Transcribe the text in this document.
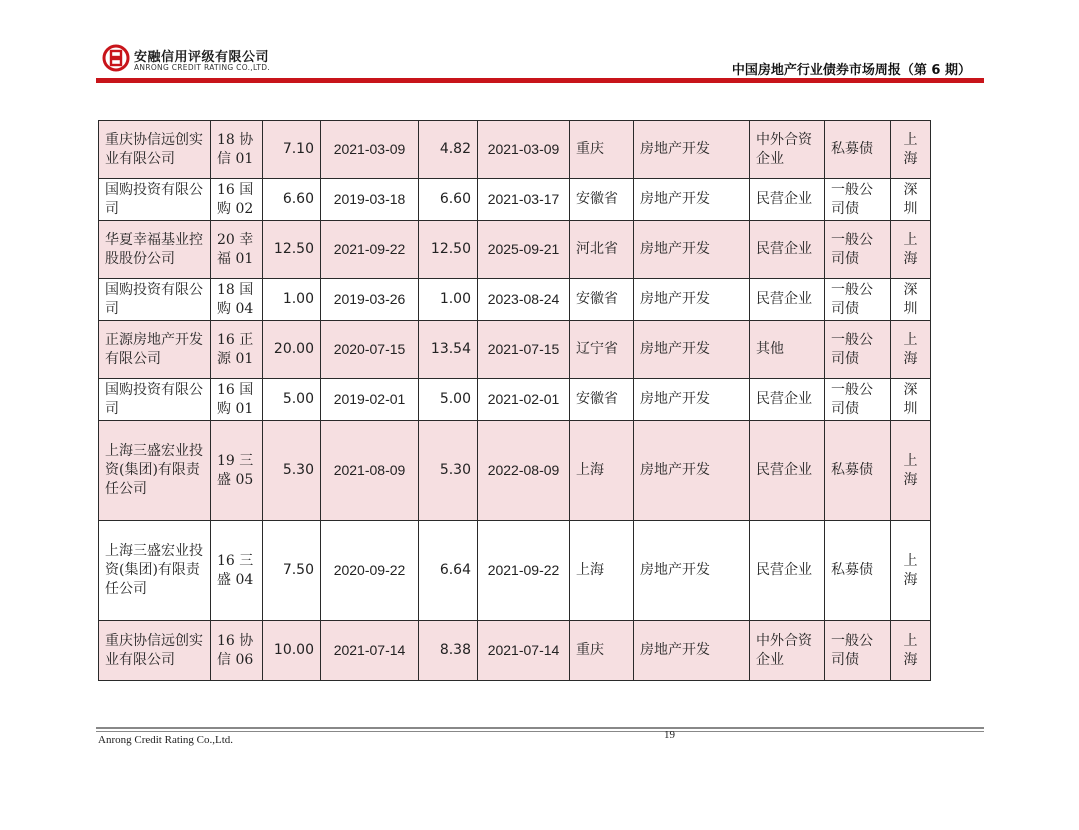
安融信用评级有限公司
ANRONG CREDIT RATING CO.,LTD.	中国房地产行业债券市场周报（第 6 期）
重庆协信远创实业有限公司	18 协信 01	7.10	2021-03-09	4.82	2021-03-09	重庆	房地产开发	中外合资企业	私募债	上海
国购投资有限公司	16 国购 02	6.60	2019-03-18	6.60	2021-03-17	安徽省	房地产开发	民营企业	一般公司债	深圳
华夏幸福基业控股股份公司	20 幸福 01	12.50	2021-09-22	12.50	2025-09-21	河北省	房地产开发	民营企业	一般公司债	上海
国购投资有限公司	18 国购 04	1.00	2019-03-26	1.00	2023-08-24	安徽省	房地产开发	民营企业	一般公司债	深圳
正源房地产开发有限公司	16 正源 01	20.00	2020-07-15	13.54	2021-07-15	辽宁省	房地产开发	其他	一般公司债	上海
国购投资有限公司	16 国购 01	5.00	2019-02-01	5.00	2021-02-01	安徽省	房地产开发	民营企业	一般公司债	深圳
上海三盛宏业投资(集团)有限责任公司	19 三盛 05	5.30	2021-08-09	5.30	2022-08-09	上海	房地产开发	民营企业	私募债	上海
上海三盛宏业投资(集团)有限责任公司	16 三盛 04	7.50	2020-09-22	6.64	2021-09-22	上海	房地产开发	民营企业	私募债	上海
重庆协信远创实业有限公司	16 协信 06	10.00	2021-07-14	8.38	2021-07-14	重庆	房地产开发	中外合资企业	一般公司债	上海
Anrong Credit Rating Co.,Ltd.	19
